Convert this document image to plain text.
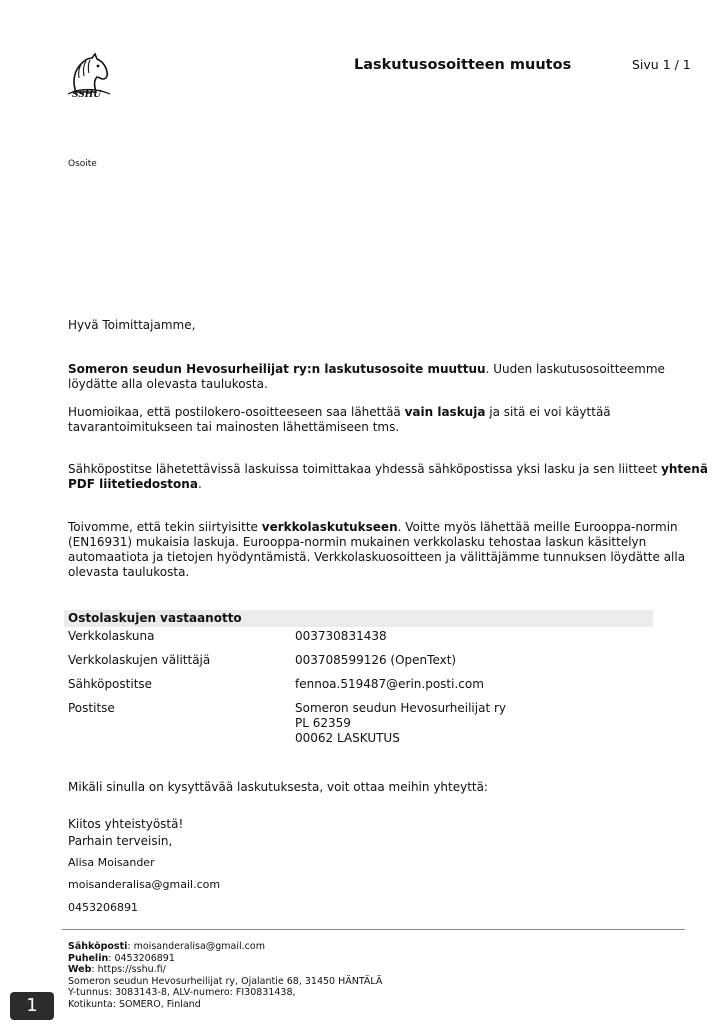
SSHU
Laskutusosoitteen muutos	Sivu 1 / 1
Osoite
Hyvä Toimittajamme,
Someron seudun Hevosurheilijat ry:n laskutusosoite muuttuu. Uuden laskutusosoitteemme
löydätte alla olevasta taulukosta.
Huomioikaa, että postilokero-osoitteeseen saa lähettää vain laskuja ja sitä ei voi käyttää
tavarantoimitukseen tai mainosten lähettämiseen tms.
Sähköpostitse lähetettävissä laskuissa toimittakaa yhdessä sähköpostissa yksi lasku ja sen liitteet yhtenä
PDF liitetiedostona.
Toivomme, että tekin siirtyisitte verkkolaskutukseen. Voitte myös lähettää meille Eurooppa-normin
(EN16931) mukaisia laskuja. Eurooppa-normin mukainen verkkolasku tehostaa laskun käsittelyn
automaatiota ja tietojen hyödyntämistä. Verkkolaskuosoitteen ja välittäjämme tunnuksen löydätte alla
olevasta taulukosta.
Ostolaskujen vastaanotto
Verkkolaskuna	003730831438
Verkkolaskujen välittäjä	003708599126 (OpenText)
Sähköpostitse	fennoa.519487@erin.posti.com
Postitse	Someron seudun Hevosurheilijat ry
PL 62359
00062 LASKUTUS
Mikäli sinulla on kysyttävää laskutuksesta, voit ottaa meihin yhteyttä:
Kiitos yhteistyöstä!
Parhain terveisin,
Alisa Moisander
moisanderalisa@gmail.com
0453206891
Sähköposti: moisanderalisa@gmail.com
Puhelin: 0453206891
Web: https://sshu.fi/
Someron seudun Hevosurheilijat ry, Ojalantie 68, 31450 HÄNTÄLÄ
Y-tunnus: 3083143-8, ALV-numero: FI30831438,
Kotikunta: SOMERO, Finland
1
